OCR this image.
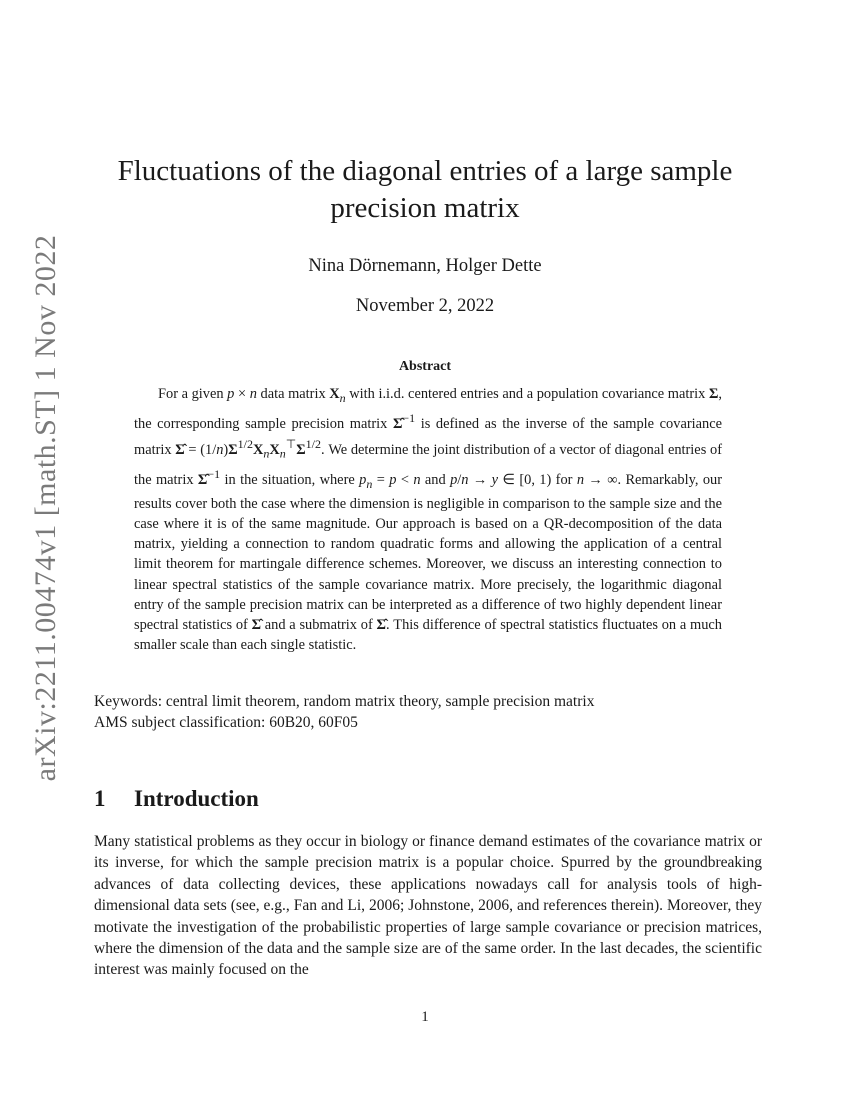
arXiv:2211.00474v1 [math.ST] 1 Nov 2022
Fluctuations of the diagonal entries of a large sample
precision matrix
Nina Dörnemann, Holger Dette
November 2, 2022
Abstract

For a given p × n data matrix $X_n$ with i.i.d. centered entries and a population covariance matrix Σ, the corresponding sample precision matrix Σ̂$^{-1}$ is defined as the inverse of the sample covariance matrix Σ̂ = $(1/n)\Sigma^{1/2}X_nX_n^⊤\Sigma^{1/2}$. We determine the joint distribution of a vector of diagonal entries of the matrix Σ̂$^{-1}$ in the situation, where $p_n = p < n$ and p/n → y ∈ [0, 1) for n → ∞. Remarkably, our results cover both the case where the dimension is negligible in comparison to the sample size and the case where it is of the same magnitude. Our approach is based on a QR-decomposition of the data matrix, yielding a connection to random quadratic forms and allowing the application of a central limit theorem for martingale difference schemes. Moreover, we discuss an interesting connection to linear spectral statistics of the sample covariance matrix. More precisely, the logarithmic diagonal entry of the sample precision matrix can be interpreted as a difference of two highly dependent linear spectral statistics of Σ̂ and a submatrix of Σ̂. This difference of spectral statistics fluctuates on a much smaller scale than each single statistic.

Keywords: central limit theorem, random matrix theory, sample precision matrix
AMS subject classification: 60B20, 60F05
1 Introduction

Many statistical problems as they occur in biology or finance demand estimates of the covariance matrix or its inverse, for which the sample precision matrix is a popular choice. Spurred by the groundbreaking advances of data collecting devices, these applications nowadays call for analysis tools of high-dimensional data sets (see, e.g., Fan and Li, 2006; Johnstone, 2006, and references therein). Moreover, they motivate the investigation of the probabilistic properties of large sample covariance or precision matrices, where the dimension of the data and the sample size are of the same order. In the last decades, the scientific interest was mainly focused on the

1
